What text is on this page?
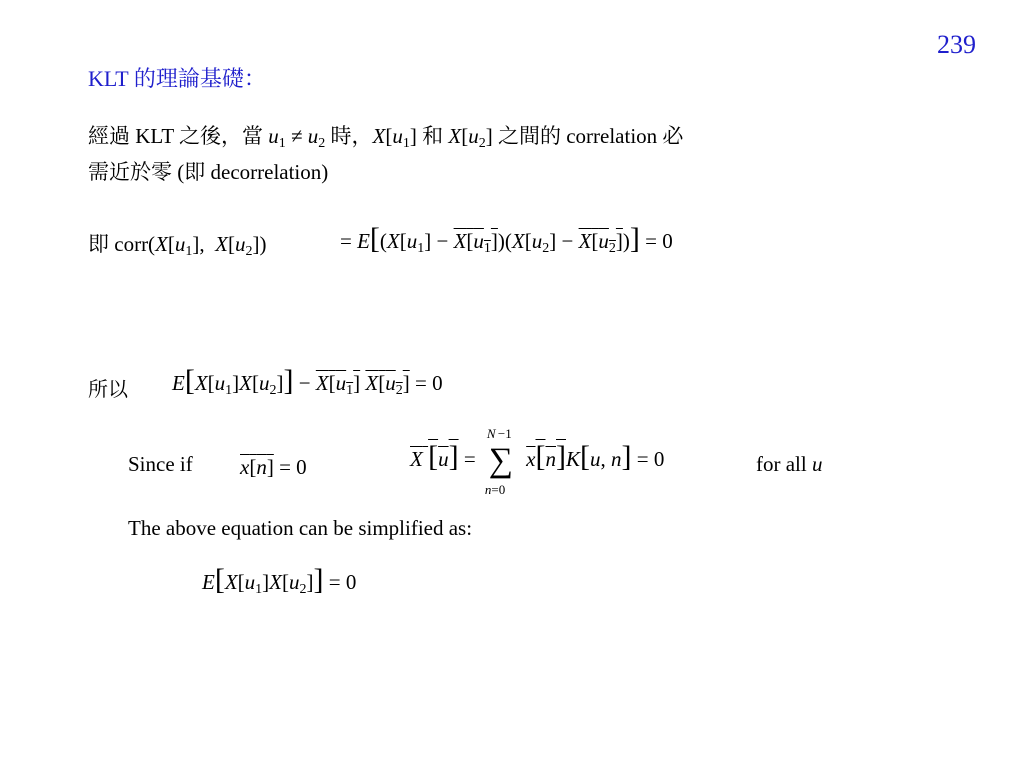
239
KLT 的理論基礎：
經過 KLT 之後，當 $u_1 \ne u_2$ 時，$X[u_1]$ 和 $X[u_2]$ 之間的 correlation 必
需近於零 (即 decorrelation)
即 $corr(X[u_1]$,  $X[u_2]$)	= $E[(X[u_1] - X[u_1])(X[u_2] - X[u_2])] = 0$
所以 $E[X[u_1]X[u_2]] - X[u_1] X[u_2] = 0$
Since if x[n] = 0	X [u] =
N −1
∑
n=0
x[n]K[u, n] = 0	for all u
The above equation can be simplified as:
$E[X[u_1]X[u_2]] = 0$
